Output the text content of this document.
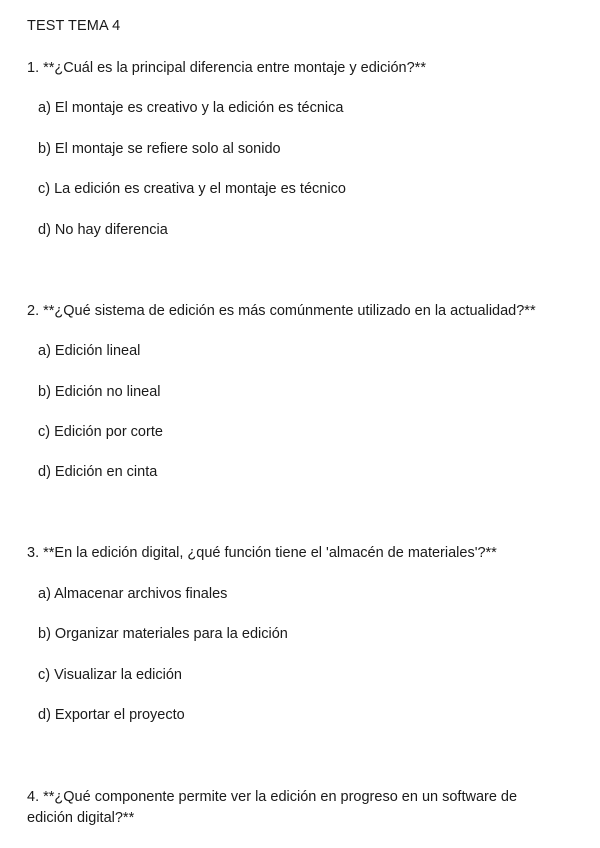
TEST TEMA 4
1. **¿Cuál es la principal diferencia entre montaje y edición?**
a) El montaje es creativo y la edición es técnica
b) El montaje se refiere solo al sonido
c) La edición es creativa y el montaje es técnico
d) No hay diferencia
2. **¿Qué sistema de edición es más comúnmente utilizado en la actualidad?**
a) Edición lineal
b) Edición no lineal
c) Edición por corte
d) Edición en cinta
3. **En la edición digital, ¿qué función tiene el 'almacén de materiales'?**
a) Almacenar archivos finales
b) Organizar materiales para la edición
c) Visualizar la edición
d) Exportar el proyecto
4. **¿Qué componente permite ver la edición en progreso en un software de edición digital?**
